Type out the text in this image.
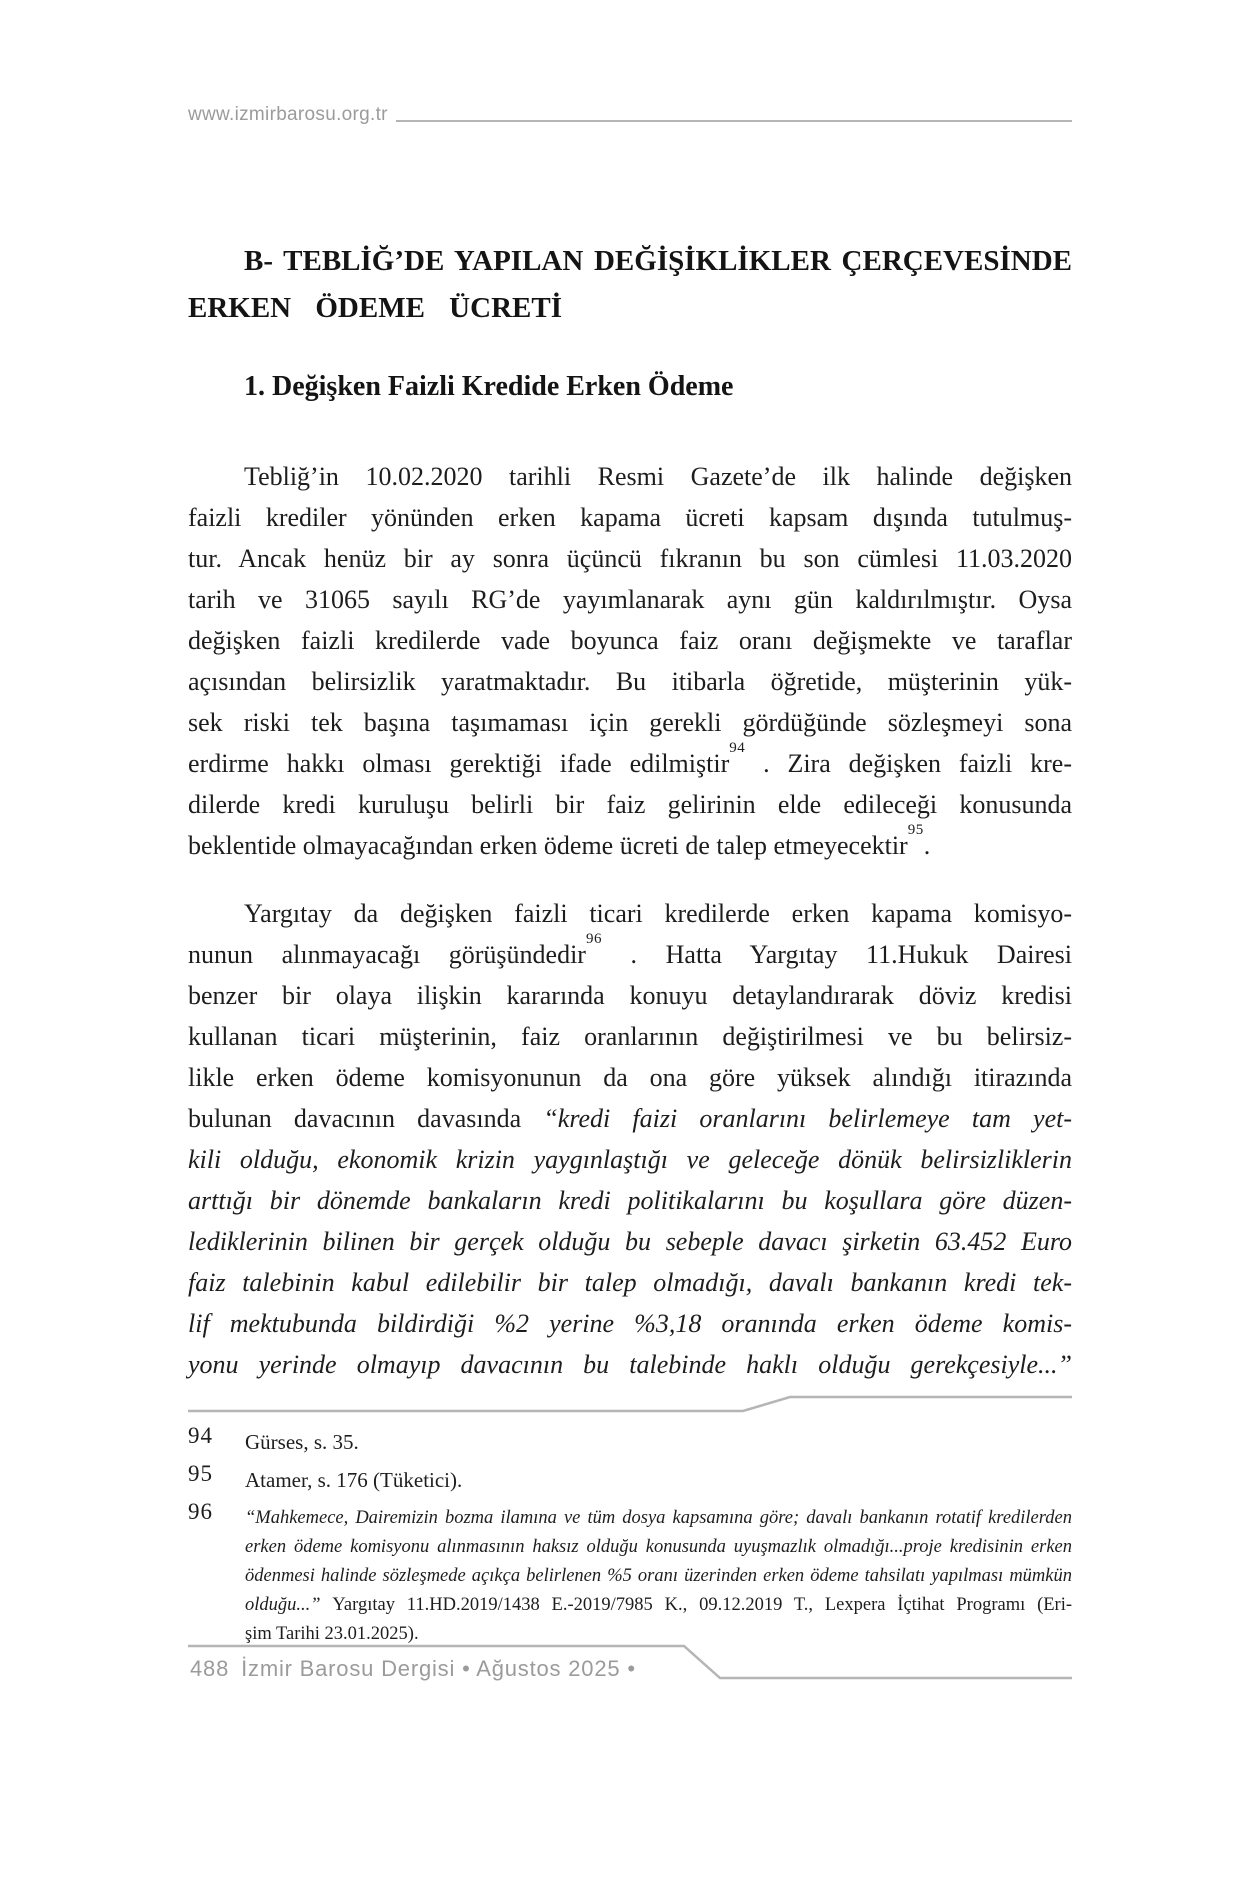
www.izmirbarosu.org.tr
B- TEBLİĞ’DE YAPILAN DEĞİŞİKLİKLER ÇERÇEVESİNDE
ERKEN ÖDEME ÜCRETİ
1. Değişken Faizli Kredide Erken Ödeme
Tebliğ’in 10.02.2020 tarihli Resmi Gazete’de ilk halinde değişken
faizli krediler yönünden erken kapama ücreti kapsam dışında tutulmuş-
tur. Ancak henüz bir ay sonra üçüncü fıkranın bu son cümlesi 11.03.2020
tarih ve 31065 sayılı RG’de yayımlanarak aynı gün kaldırılmıştır. Oysa
değişken faizli kredilerde vade boyunca faiz oranı değişmekte ve taraflar
açısından belirsizlik yaratmaktadır. Bu itibarla öğretide, müşterinin yük-
sek riski tek başına taşımaması için gerekli gördüğünde sözleşmeyi sona
erdirme hakkı olması gerektiği ifade edilmiştir$^{94}$ . Zira değişken faizli kre-
dilerde kredi kuruluşu belirli bir faiz gelirinin elde edileceği konusunda
beklentide olmayacağından erken ödeme ücreti de talep etmeyecektir$^{95}$.
Yargıtay da değişken faizli ticari kredilerde erken kapama komisyo-
nunun alınmayacağı görüşündedir$^{96}$ . Hatta Yargıtay 11.Hukuk Dairesi
benzer bir olaya ilişkin kararında konuyu detaylandırarak döviz kredisi
kullanan ticari müşterinin, faiz oranlarının değiştirilmesi ve bu belirsiz-
likle erken ödeme komisyonunun da ona göre yüksek alındığı itirazında
bulunan davacının davasında “kredi faizi oranlarını belirlemeye tam yet-
kili olduğu, ekonomik krizin yaygınlaştığı ve geleceğe dönük belirsizliklerin
arttığı bir dönemde bankaların kredi politikalarını bu koşullara göre düzen-
lediklerinin bilinen bir gerçek olduğu bu sebeple davacı şirketin 63.452 Euro
faiz talebinin kabul edilebilir bir talep olmadığı, davalı bankanın kredi tek-
lif mektubunda bildirdiği %2 yerine %3,18 oranında erken ödeme komis-
yonu yerinde olmayıp davacının bu talebinde haklı olduğu gerekçesiyle...”
94 Gürses, s. 35.
95 Atamer, s. 176 (Tüketici).
96 “Mahkemece, Dairemizin bozma ilamına ve tüm dosya kapsamına göre; davalı bankanın rotatif kredilerden
erken ödeme komisyonu alınmasının haksız olduğu konusunda uyuşmazlık olmadığı...proje kredisinin erken
ödenmesi halinde sözleşmede açıkça belirlenen %5 oranı üzerinden erken ödeme tahsilatı yapılması mümkün
olduğu...” Yargıtay 11.HD.2019/1438 E.-2019/7985 K., 09.12.2019 T., Lexpera İçtihat Programı (Eri-
şim Tarihi 23.01.2025).
488 İzmir Barosu Dergisi • Ağustos 2025 •
